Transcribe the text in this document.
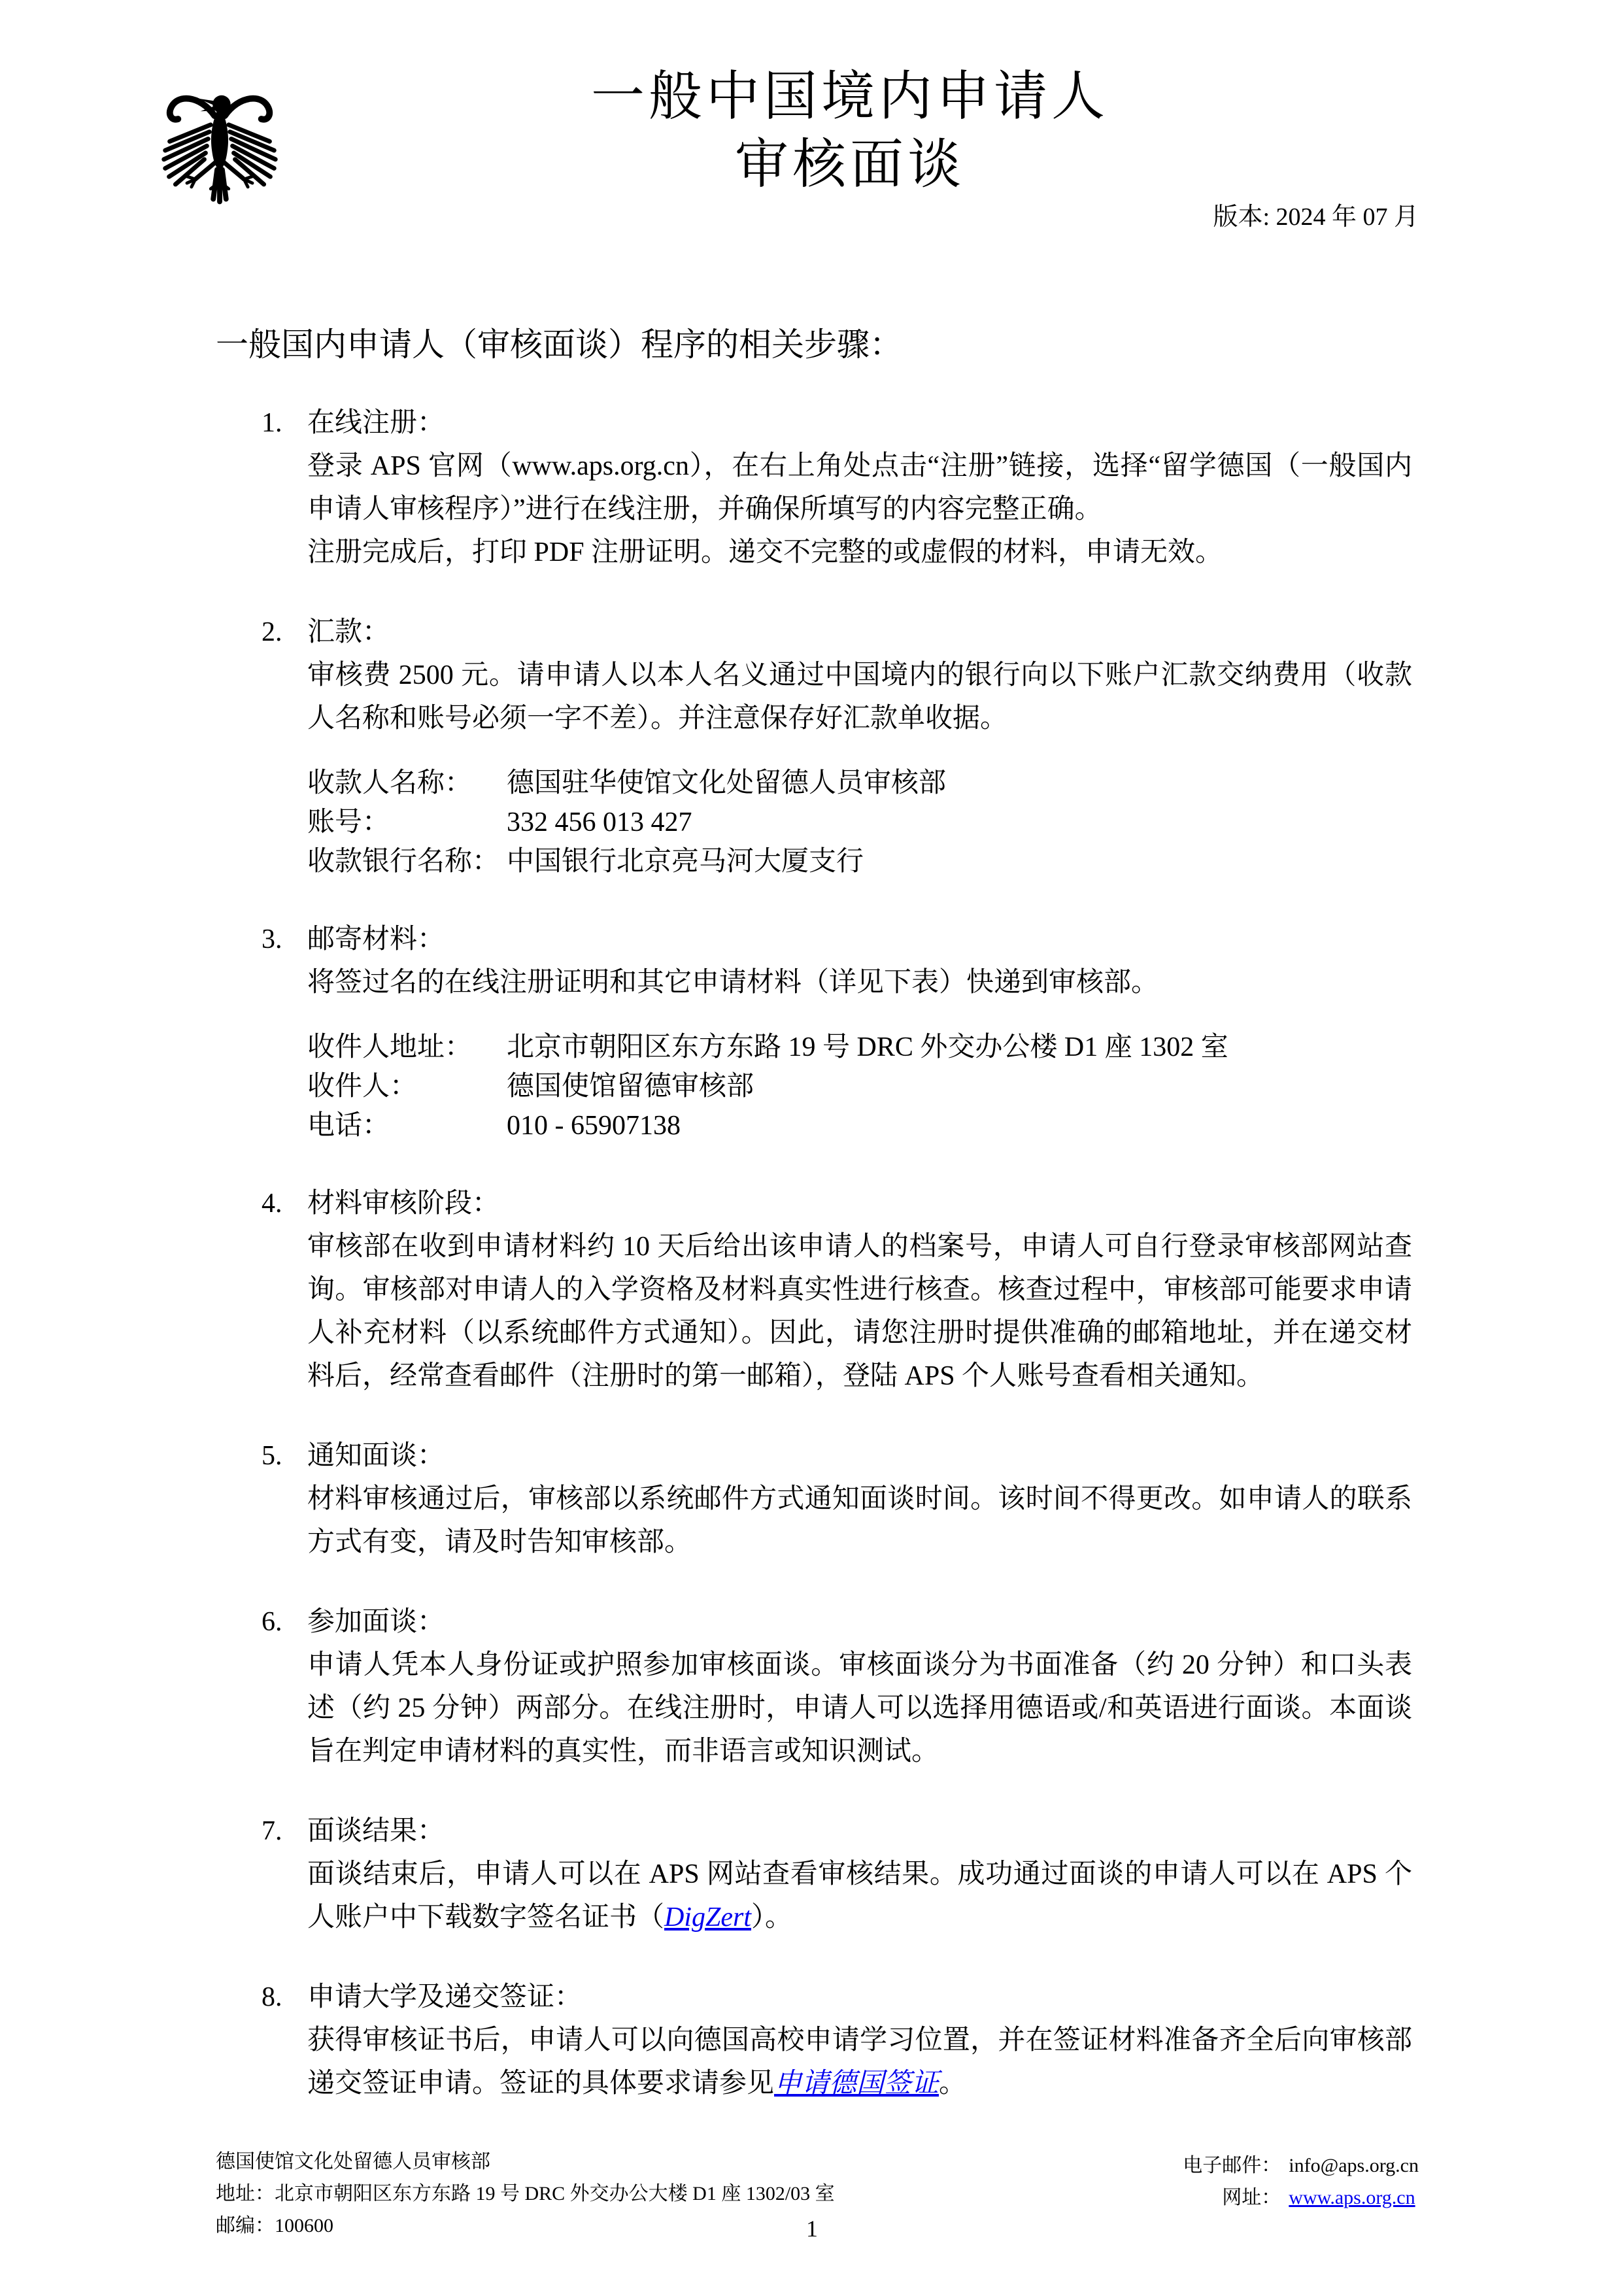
一般中国境内申请人
审核面谈
版本: 2024 年 07 月
一般国内申请人（审核面谈）程序的相关步骤：
1. 在线注册：

登录 APS 官网（www.aps.org.cn），在右上角处点击“注册”链接，选择“留学德国（一般国内申请人审核程序）”进行在线注册，并确保所填写的内容完整正确。

注册完成后，打印 PDF 注册证明。递交不完整的或虚假的材料，申请无效。

2. 汇款：

审核费 2500 元。请申请人以本人名义通过中国境内的银行向以下账户汇款交纳费用（收款人名称和账号必须一字不差）。并注意保存好汇款单收据。

收款人名称：	德国驻华使馆文化处留德人员审核部
账号：	332 456 013 427
收款银行名称： 中国银行北京亮马河大厦支行
3. 邮寄材料：

将签过名的在线注册证明和其它申请材料（详见下表）快递到审核部。

收件人地址：	北京市朝阳区东方东路 19 号 DRC 外交办公楼 D1 座 1302 室
收件人：	德国使馆留德审核部
电话：	010 - 65907138
4. 材料审核阶段：

审核部在收到申请材料约 10 天后给出该申请人的档案号，申请人可自行登录审核部网站查询。审核部对申请人的入学资格及材料真实性进行核查。核查过程中，审核部可能要求申请人补充材料（以系统邮件方式通知）。因此，请您注册时提供准确的邮箱地址，并在递交材料后，经常查看邮件（注册时的第一邮箱），登陆 APS 个人账号查看相关通知。

5. 通知面谈：

材料审核通过后，审核部以系统邮件方式通知面谈时间。该时间不得更改。如申请人的联系方式有变，请及时告知审核部。

6. 参加面谈：

申请人凭本人身份证或护照参加审核面谈。审核面谈分为书面准备（约 20 分钟）和口头表述（约 25 分钟）两部分。在线注册时，申请人可以选择用德语或/和英语进行面谈。本面谈旨在判定申请材料的真实性，而非语言或知识测试。

7. 面谈结果：

面谈结束后，申请人可以在 APS 网站查看审核结果。成功通过面谈的申请人可以在 APS 个人账户中下载数字签名证书（DigZert）。

8. 申请大学及递交签证：

获得审核证书后，申请人可以向德国高校申请学习位置，并在签证材料准备齐全后向审核部递交签证申请。签证的具体要求请参见申请德国签证。

德国使馆文化处留德人员审核部
地址：北京市朝阳区东方东路 19 号 DRC 外交办公大楼 D1 座 1302/03 室
邮编：100600
电子邮件： info@aps.org.cn
网址： www.aps.org.cn
1
